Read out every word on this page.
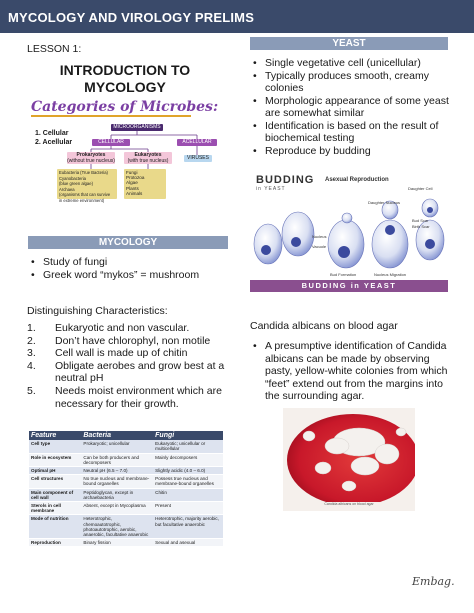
MYCOLOGY AND VIROLOGY PRELIMS
LESSON 1:
INTRODUCTION TO
MYCOLOGY
Categories of Microbes:
1. Cellular
2. Acellular
MICROORGANISMS
CELLULAR	ACELLULAR
Prokaryotes
(without true nucleus)
Eukaryotes
(with true nucleus)	VIRUSES
Eubacteria (True Bacteria)
Cyanobacteria
(blue green algae)
Archaea
(organisms that can survive
in extreme environment)
Fungi
Protozoa
Algae
Plants
Animals
MYCOLOGY
• Study of fungi
• Greek word “mykos” = mushroom
Distinguishing Characteristics:
1. Eukaryotic and non vascular.
2. Don’t have chlorophyl, non motile
3. Cell wall is made up of chitin
4. Obligate aerobes and grow best at a neutral pH
5. Needs moist environment which are necessary for their growth.
Feature	Bacteria	Fungi
Cell type	Prokaryotic; unicellular	Eukaryotic; unicellular or multicellular
Role in ecosystem	Can be both producers and decomposers	Mainly decomposers
Optimal pH	Neutral pH (6.5 – 7.0)	Slightly acidic (4.0 – 6.0)
Cell structures	No true nucleus and membrane-bound organelles	Possess true nucleus and membrane-bound organelles
Main component of cell wall	Peptidoglycan, except in archaebacteria	Chitin
Sterols in cell membrane	Absent, except in Mycoplasma	Present
Mode of nutrition	Heterotrophic, chemoautotrophic, photoautotrophic, aerobic, anaerobic, facultative anaerobic	Heterotrophic, majority aerobic, but facultative anaerobic
Reproduction	Binary fission	Sexual and asexual
YEAST
• Single vegetative cell (unicellular)
• Typically produces smooth, creamy colonies
• Morphologic appearance of some yeast are somewhat similar
• Identification is based on the result of biochemical testing
• Reproduce by budding
BUDDING
in YEAST
Asexual Reproduction
Daughter Cell
Bud Scar
Birth Scar
Daughter Nucleus
Nucleus
Vacuole
Bud Formation	Nucleus Migration
BUDDING in YEAST
Candida albicans on blood agar
• A presumptive identification of Candida albicans can be made by observing pasty, yellow-white colonies from which “feet” extend out from the margins into the surrounding agar.
Candida albicans on blood agar
Embag.
